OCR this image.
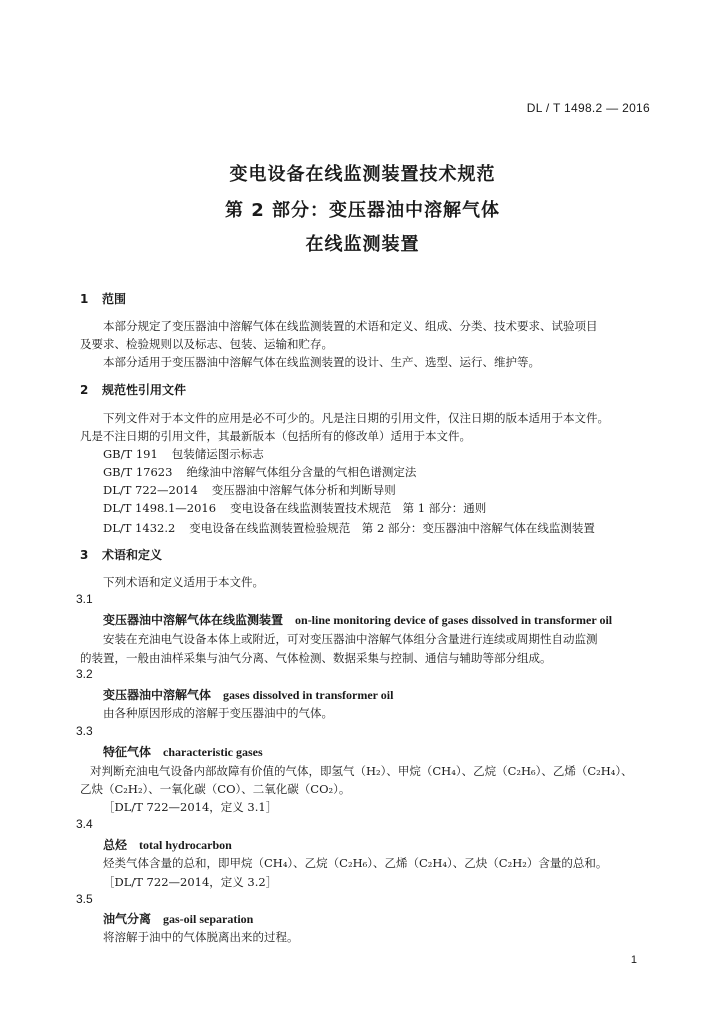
DL / T 1498.2 — 2016
变电设备在线监测装置技术规范
第 2 部分：变压器油中溶解气体
在线监测装置
1 范围
本部分规定了变压器油中溶解气体在线监测装置的术语和定义、组成、分类、技术要求、试验项目
及要求、检验规则以及标志、包装、运输和贮存。
本部分适用于变压器油中溶解气体在线监测装置的设计、生产、选型、运行、维护等。
2 规范性引用文件
下列文件对于本文件的应用是必不可少的。凡是注日期的引用文件，仅注日期的版本适用于本文件。
凡是不注日期的引用文件，其最新版本（包括所有的修改单）适用于本文件。
GB/T 191 包装储运图示标志
GB/T 17623 绝缘油中溶解气体组分含量的气相色谱测定法
DL/T 722—2014 变压器油中溶解气体分析和判断导则
DL/T 1498.1—2016 变电设备在线监测装置技术规范　第 1 部分：通则
DL/T 1432.2 变电设备在线监测装置检验规范　第 2 部分：变压器油中溶解气体在线监测装置
3 术语和定义
下列术语和定义适用于本文件。
3.1
变压器油中溶解气体在线监测装置 on-line monitoring device of gases dissolved in transformer oil
安装在充油电气设备本体上或附近，可对变压器油中溶解气体组分含量进行连续或周期性自动监测
的装置，一般由油样采集与油气分离、气体检测、数据采集与控制、通信与辅助等部分组成。
3.2
变压器油中溶解气体 gases dissolved in transformer oil
由各种原因形成的溶解于变压器油中的气体。
3.3
特征气体 characteristic gases
对判断充油电气设备内部故障有价值的气体，即氢气（H₂）、甲烷（CH₄）、乙烷（C₂H₆）、乙烯（C₂H₄）、
乙炔（C₂H₂）、一氧化碳（CO）、二氧化碳（CO₂）。
［DL/T 722—2014，定义 3.1］
3.4
总烃 total hydrocarbon
烃类气体含量的总和，即甲烷（CH₄）、乙烷（C₂H₆）、乙烯（C₂H₄）、乙炔（C₂H₂）含量的总和。
［DL/T 722—2014，定义 3.2］
3.5
油气分离 gas-oil separation
将溶解于油中的气体脱离出来的过程。
1
